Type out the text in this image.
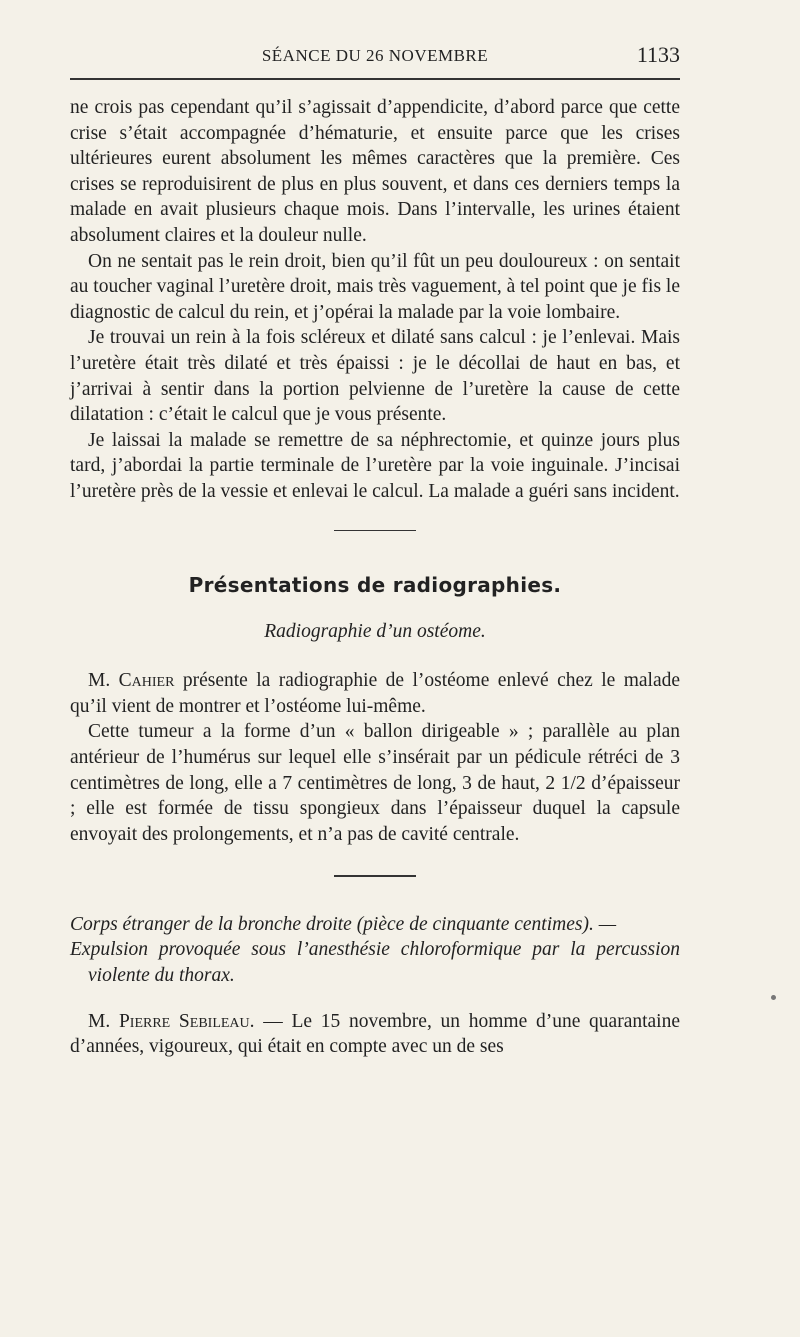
SÉANCE DU 26 NOVEMBRE	1133

ne crois pas cependant qu’il s’agissait d’appendicite, d’abord parce que cette crise s’était accompagnée d’hématurie, et ensuite parce que les crises ultérieures eurent absolument les mêmes caractères que la première. Ces crises se reproduisirent de plus en plus souvent, et dans ces derniers temps la malade en avait plusieurs chaque mois. Dans l’intervalle, les urines étaient absolument claires et la douleur nulle.

On ne sentait pas le rein droit, bien qu’il fût un peu douloureux : on sentait au toucher vaginal l’uretère droit, mais très vaguement, à tel point que je fis le diagnostic de calcul du rein, et j’opérai la malade par la voie lombaire.

Je trouvai un rein à la fois scléreux et dilaté sans calcul : je l’enlevai. Mais l’uretère était très dilaté et très épaissi : je le décollai de haut en bas, et j’arrivai à sentir dans la portion pelvienne de l’uretère la cause de cette dilatation : c’était le calcul que je vous présente.

Je laissai la malade se remettre de sa néphrectomie, et quinze jours plus tard, j’abordai la partie terminale de l’uretère par la voie inguinale. J’incisai l’uretère près de la vessie et enlevai le calcul. La malade a guéri sans incident.

Présentations de radiographies.
Radiographie d’un ostéome.

M. Cahier présente la radiographie de l’ostéome enlevé chez le malade qu’il vient de montrer et l’ostéome lui-même.

Cette tumeur a la forme d’un « ballon dirigeable » ; parallèle au plan antérieur de l’humérus sur lequel elle s’insérait par un pédicule rétréci de 3 centimètres de long, elle a 7 centimètres de long, 3 de haut, 2 1/2 d’épaisseur ; elle est formée de tissu spongieux dans l’épaisseur duquel la capsule envoyait des prolongements, et n’a pas de cavité centrale.

Corps étranger de la bronche droite (pièce de cinquante centimes). —
Expulsion provoquée sous l’anesthésie chloroformique par la percussion violente du thorax.

M. Pierre Sebileau. — Le 15 novembre, un homme d’une quarantaine d’années, vigoureux, qui était en compte avec un de ses
